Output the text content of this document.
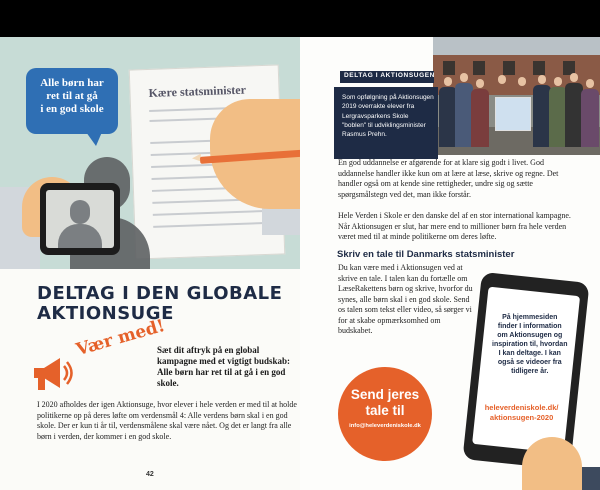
Kære statsminister
Alle børn har
ret til at gå
i en god skole
DELTAG I DEN GLOBALE
AKTIONSUGE
Vær med!
Sæt dit aftryk på en global kampagne med et vigtigt budskab: Alle børn har ret til at gå i en god skole.
I 2020 afholdes der igen Aktionsuge, hvor elever i hele verden er med til at holde politikerne op på deres løfte om verdensmål 4: Alle verdens børn skal i en god skole. Der er kun ti år til, verdensmålene skal være nået. Og det er langt fra alle børn i verden, der kommer i en god skole.
42
DELTAG I AKTIONSUGEN
Som opfølgning på Aktionsugen 2019 overrakte elever fra Lergravsparkens Skole "boblen" til udviklingsminister Rasmus Prehn.
En god uddannelse er afgørende for at klare sig godt i livet. God uddannelse handler ikke kun om at lære at læse, skrive og regne. Det handler også om at kende sine rettigheder, undre sig og sætte spørgsmålstegn ved det, man ikke forstår.
Hele Verden i Skole er den danske del af en stor international kampagne. Når Aktionsugen er slut, har mere end to millioner børn fra hele verden været med til at minde politikerne om deres løfte.
Skriv en tale til Danmarks statsminister
Du kan være med i Aktionsugen ved at skrive en tale. I talen kan du fortælle om LæseRakettens børn og skrive, hvorfor du synes, alle børn skal i en god skole. Send os talen som tekst eller video, så sørger vi for at skabe opmærksomhed om budskabet.
Send jeres
tale til
info@heleverdeniskole.dk
På hjemmesiden finder I information om Aktionsugen og inspiration til, hvordan I kan deltage. I kan også se videoer fra tidligere år.
heleverdeniskole.dk/
aktionsugen-2020
